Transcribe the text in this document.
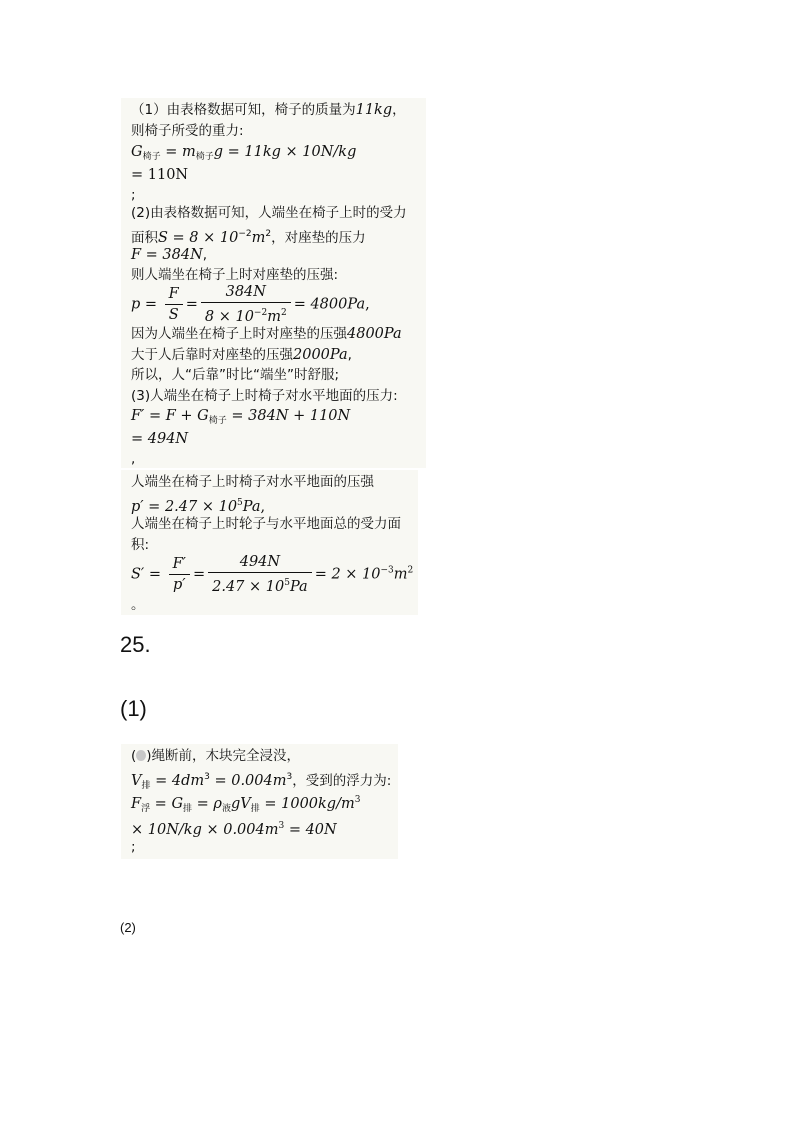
（1）由表格数据可知，椅子的质量为11kg，
则椅子所受的重力:
$G_{椅子} = m_{椅子}g = 11kg \times 10N/kg$
= 110N
;
(2)由表格数据可知，人端坐在椅子上时的受力
面积$S = 8 \times 10^{-2}m^2$，对座垫的压力
F = 384N,
则人端坐在椅子上时对座垫的压强:
$p = \frac{F}{S} = \frac{384N}{8 \times 10^{-2}m^2} = 4800Pa$,
因为人端坐在椅子上时对座垫的压强4800Pa
大于人后靠时对座垫的压强2000Pa,
所以，人“后靠”时比“端坐”时舒服;
(3)人端坐在椅子上时椅子对水平地面的压力:
$F' = F + G_{椅子} = 384N + 110N$
= 494N
,
人端坐在椅子上时椅子对水平地面的压强
$p' = 2.47 \times 10^5Pa$,
人端坐在椅子上时轮子与水平地面总的受力面
积:
$S' = \frac{F'}{p'} = \frac{494N}{2.47 \times 10^5Pa} = 2 \times 10^{-3}m^2$
。
25.
(1)
( )绳断前，木块完全浸没，
$V_排 = 4dm^3 = 0.004m^3$，受到的浮力为:
$F_浮 = G_排 = \rho_液gV_排 = 1000kg/m^3$
× $10N/kg \times 0.004m^3 = 40N$
;
(2)
